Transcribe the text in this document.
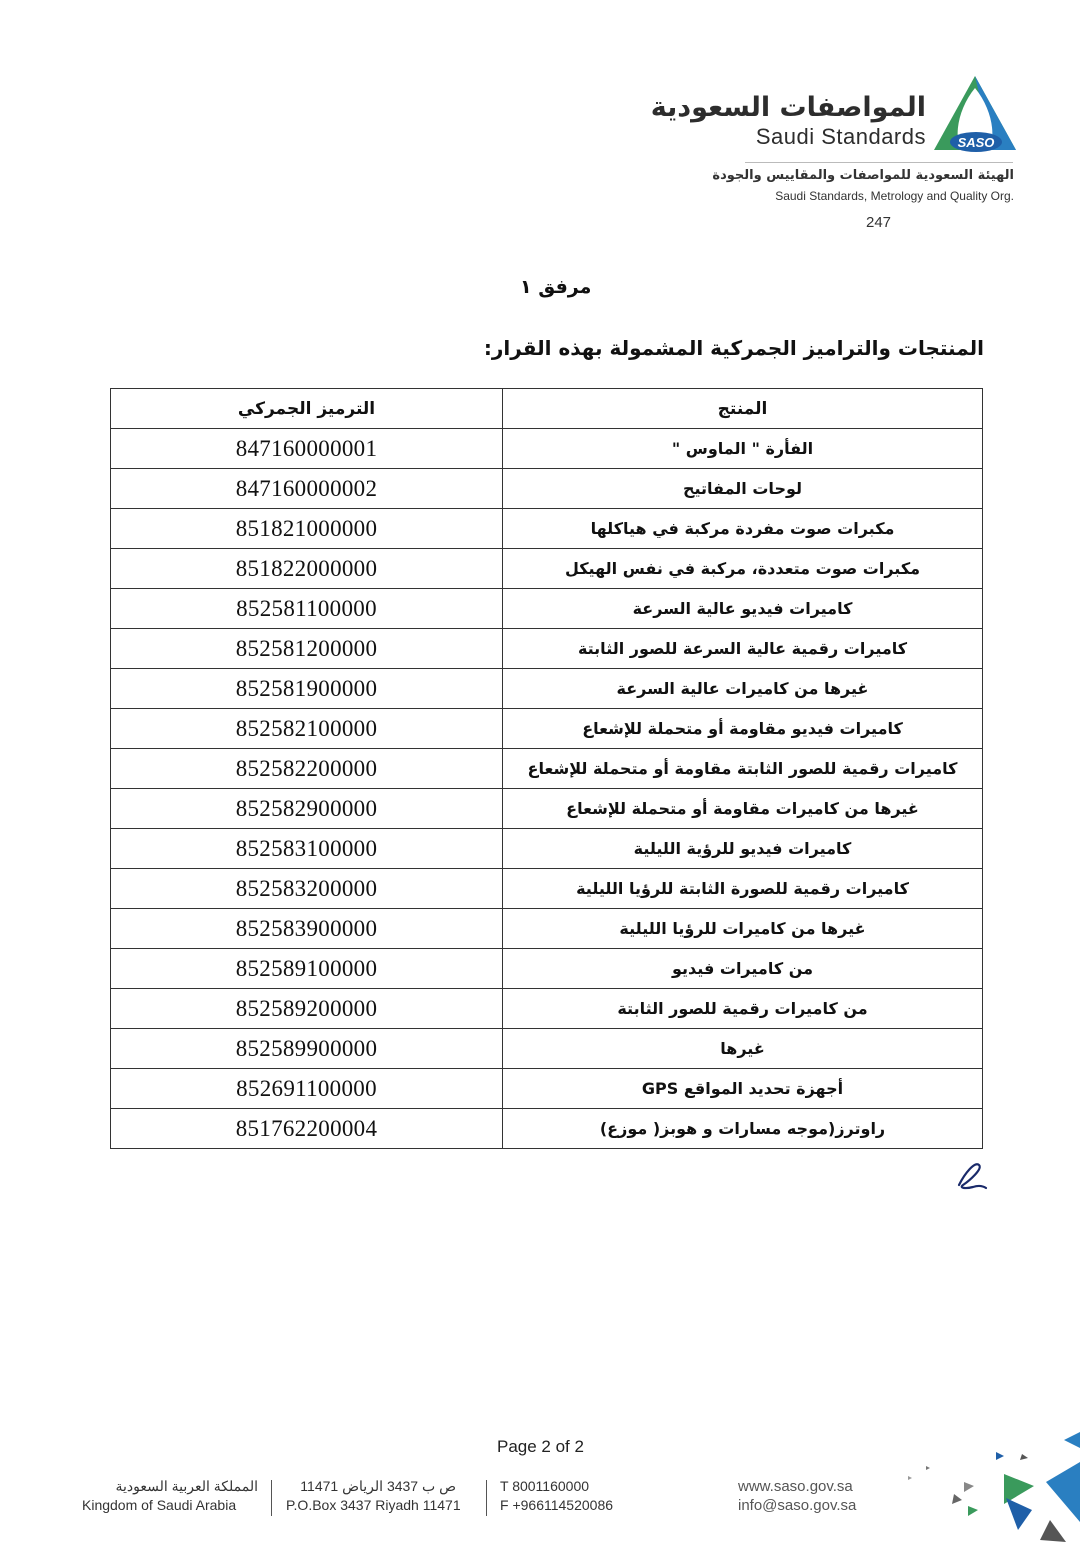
SASO
المواصفات السعودية
Saudi Standards
الهيئة السعودية للمواصفات والمقاييس والجودة
Saudi Standards, Metrology and Quality Org.
247
مرفق ١
المنتجات والتراميز الجمركية المشمولة بهذه القرار:
الترميز الجمركي	المنتج
847160000001	الفأرة " الماوس "
847160000002	لوحات المفاتيح
851821000000	مكبرات صوت مفردة مركبة في هياكلها
851822000000	مكبرات صوت متعددة، مركبة في نفس الهيكل
852581100000	كاميرات فيديو عالية السرعة
852581200000	كاميرات رقمية عالية السرعة للصور الثابتة
852581900000	غيرها من كاميرات عالية السرعة
852582100000	كاميرات فيديو مقاومة أو متحملة للإشعاع
852582200000	كاميرات رقمية للصور الثابتة مقاومة أو متحملة للإشعاع
852582900000	غيرها من كاميرات مقاومة أو متحملة للإشعاع
852583100000	كاميرات فيديو للرؤية الليلية
852583200000	كاميرات رقمية للصورة الثابتة للرؤيا الليلية
852583900000	غيرها من كاميرات للرؤيا الليلية
852589100000	من كاميرات فيديو
852589200000	من كاميرات رقمية للصور الثابتة
852589900000	غيرها
852691100000	أجهزة تحديد المواقع GPS
851762200004	راوترز(موجه مسارات و هوبز( موزع)
Page 2 of 2
المملكة العربية السعودية
Kingdom of Saudi Arabia
ص ب 3437 الرياض 11471
P.O.Box 3437 Riyadh 11471
T 8001160000
F +966114520086
www.saso.gov.sa
info@saso.gov.sa
